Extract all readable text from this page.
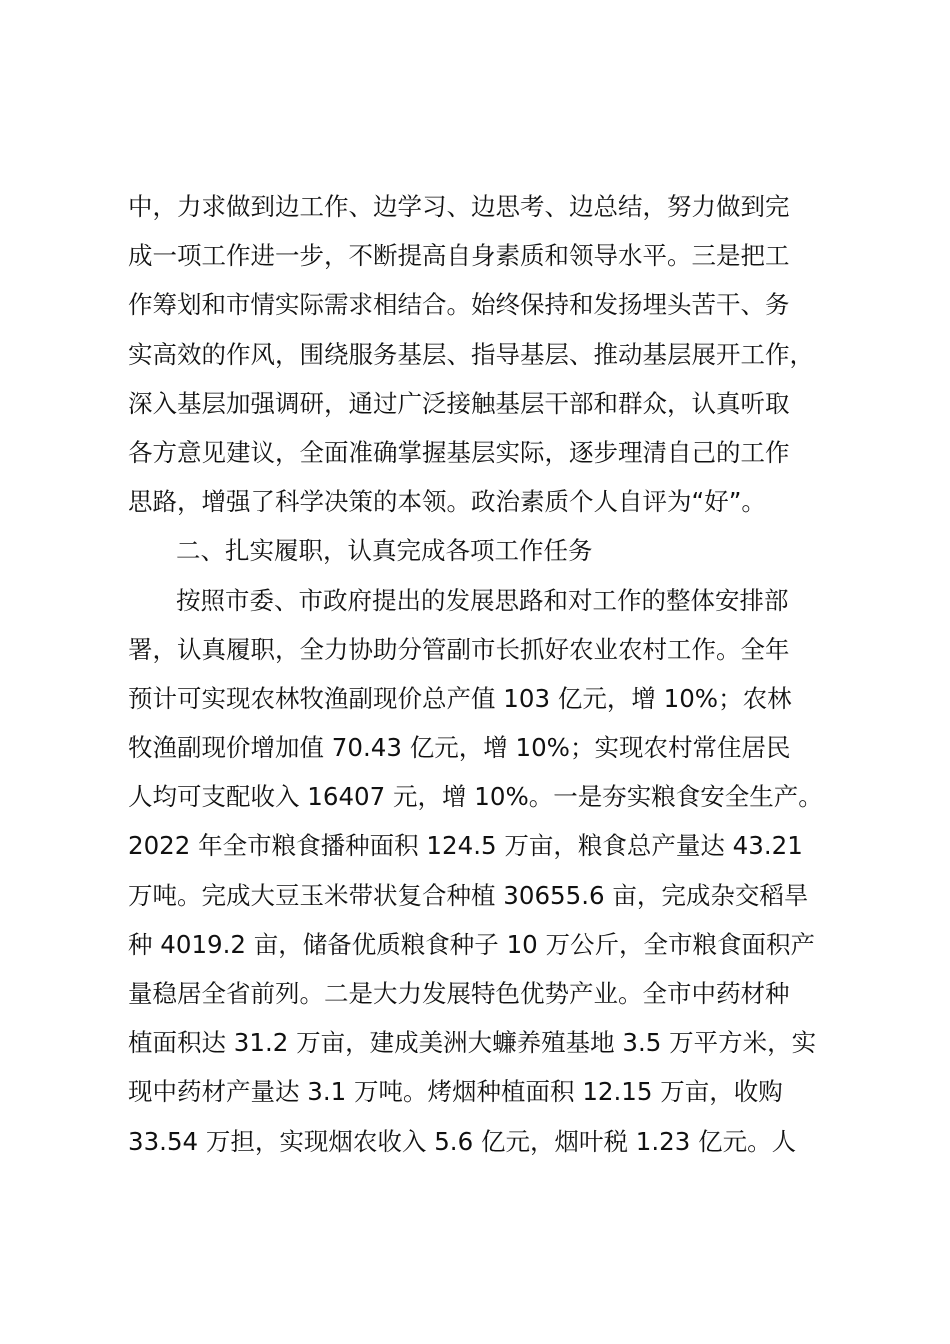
中，力求做到边工作、边学习、边思考、边总结，努力做到完
成一项工作进一步，不断提高自身素质和领导水平。三是把工
作筹划和市情实际需求相结合。始终保持和发扬埋头苦干、务
实高效的作风，围绕服务基层、指导基层、推动基层展开工作，
深入基层加强调研，通过广泛接触基层干部和群众，认真听取
各方意见建议，全面准确掌握基层实际，逐步理清自己的工作
思路，增强了科学决策的本领。政治素质个人自评为“好”。
二、扎实履职，认真完成各项工作任务
按照市委、市政府提出的发展思路和对工作的整体安排部
署，认真履职，全力协助分管副市长抓好农业农村工作。全年
预计可实现农林牧渔副现价总产值 103 亿元，增 10%；农林
牧渔副现价增加值 70.43 亿元，增 10%；实现农村常住居民
人均可支配收入 16407 元，增 10%。一是夯实粮食安全生产。
2022 年全市粮食播种面积 124.5 万亩，粮食总产量达 43.21
万吨。完成大豆玉米带状复合种植 30655.6 亩，完成杂交稻旱
种 4019.2 亩，储备优质粮食种子 10 万公斤，全市粮食面积产
量稳居全省前列。二是大力发展特色优势产业。全市中药材种
植面积达 31.2 万亩，建成美洲大蠊养殖基地 3.5 万平方米，实
现中药材产量达 3.1 万吨。烤烟种植面积 12.15 万亩，收购
33.54 万担，实现烟农收入 5.6 亿元，烟叶税 1.23 亿元。人
